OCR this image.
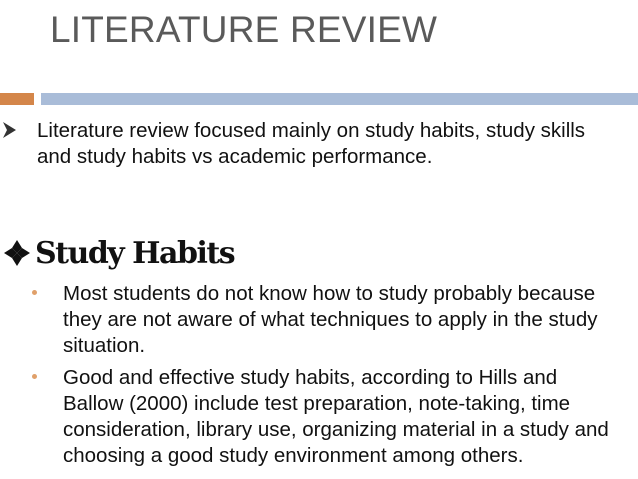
LITERATURE REVIEW
Literature review focused mainly on study habits, study skills and study habits vs academic performance.
Study Habits
Most students do not know how to study probably because they are not aware of what techniques to apply in the study situation.
Good and effective study habits, according to Hills and Ballow (2000) include test preparation, note-taking, time consideration, library use, organizing material in a study and choosing a good study environment among others.
